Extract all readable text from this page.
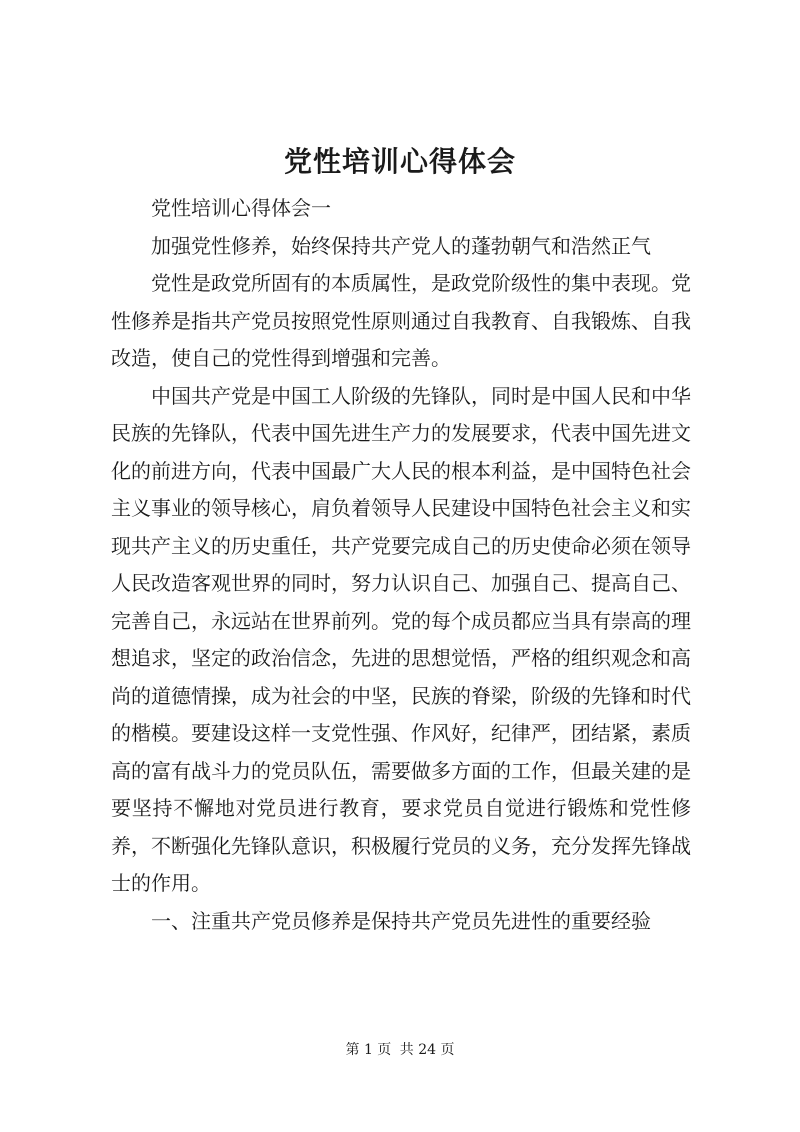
党性培训心得体会

党性培训心得体会一

加强党性修养，始终保持共产党人的蓬勃朝气和浩然正气

党性是政党所固有的本质属性，是政党阶级性的集中表现。党性修养是指共产党员按照党性原则通过自我教育、自我锻炼、自我改造，使自己的党性得到增强和完善。

中国共产党是中国工人阶级的先锋队，同时是中国人民和中华民族的先锋队，代表中国先进生产力的发展要求，代表中国先进文化的前进方向，代表中国最广大人民的根本利益，是中国特色社会主义事业的领导核心，肩负着领导人民建设中国特色社会主义和实现共产主义的历史重任，共产党要完成自己的历史使命必须在领导人民改造客观世界的同时，努力认识自己、加强自己、提高自己、完善自己，永远站在世界前列。党的每个成员都应当具有崇高的理想追求，坚定的政治信念，先进的思想觉悟，严格的组织观念和高尚的道德情操，成为社会的中坚，民族的脊梁，阶级的先锋和时代的楷模。要建设这样一支党性强、作风好，纪律严，团结紧，素质高的富有战斗力的党员队伍，需要做多方面的工作，但最关建的是要坚持不懈地对党员进行教育，要求党员自觉进行锻炼和党性修养，不断强化先锋队意识，积极履行党员的义务，充分发挥先锋战士的作用。

一、注重共产党员修养是保持共产党员先进性的重要经验

第 1 页 共 24 页
